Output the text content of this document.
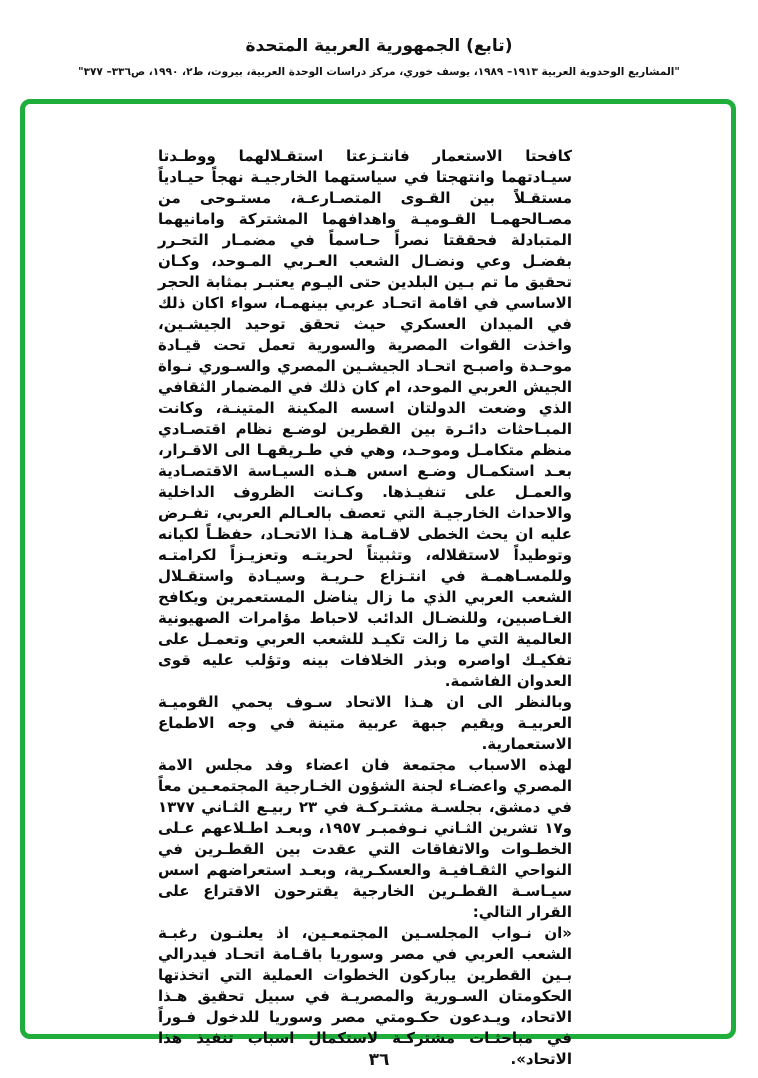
(تابع) الجمهورية العربية المتحدة
"المشاريع الوحدوية العربية ١٩١٣– ١٩٨٩، يوسف خوري، مركز دراسات الوحدة العربية، بيروت، ط٢، ١٩٩٠، ص٣٣٦– ٣٧٧"

كافحتا الاستعمار فانتـزعتا استقـلالهما ووطـدتا سيـادتهما وانتهجتا في سياستهما الخارجيـة نهجاً حيـادياً مستقـلاً بين القـوى المتصـارعـة، مستـوحى من مصـالحهمـا القـوميـة واهدافهما المشتركة وامانيهما المتبادلة فحققتا نصراً حـاسماً في مضمـار التحـرر بفضـل وعي ونضـال الشعب العـربي المـوحد، وكـان تحقيق ما تم بـين البلدين حتى اليـوم يعتبـر بمثابة الحجر الاساسي في اقامة اتحـاد عربي بينهمـا، سواء اكان ذلك في الميدان العسكري حيث تحقق توحيد الجيشـين، واخذت القوات المصرية والسورية تعمل تحت قيـادة موحـدة واصبـح اتحـاد الجيشـين المصري والسـوري نـواة الجيش العربي الموحد، ام كان ذلك في المضمار الثقافي الذي وضعت الدولتان اسسه المكينة المتينـة، وكانت المبـاحثات دائـرة بين القطرين لوضـع نظام اقتصـادي منظم متكامـل وموحـد، وهي في طـريقهـا الى الاقـرار، بعـد استكمـال وضـع اسس هـذه السيـاسة الاقتصـادية والعمـل على تنفيـذها. وكـانت الظروف الداخلية والاحداث الخارجيـة التي تعصف بالعـالم العربي، تفـرض عليه ان يحث الخطى لاقـامة هـذا الاتحـاد، حفظـاً لكيانه وتوطيداً لاستقلاله، وتثبيتاً لحريتـه وتعزيـزاً لكرامتـه وللمسـاهمـة في انتـزاع حـريـة وسيـادة واستقـلال الشعب العربي الذي ما زال يناضل المستعمرين ويكافح الغـاصبين، وللنضـال الدائب لاحباط مؤامرات الصهيونية العالمية التي ما زالت تكيـد للشعب العربي وتعمـل على تفكيـك اواصره وبذر الخلافات بينه وتؤلب عليه قوى العدوان الفاشمة.

وبالنظر الى ان هـذا الاتحاد سـوف يحمي القوميـة العربيـة ويقيم جبهة عربية متينة في وجه الاطماع الاستعمارية.

لهذه الاسباب مجتمعة فان اعضاء وفد مجلس الامة المصري واعضـاء لجنة الشؤون الخـارجية المجتمعـين معاً في دمشق، بجلسـة مشتـركـة في ٢٣ ربيـع الثـاني ١٣٧٧ و١٧ تشرين الثـاني نـوفمبـر ١٩٥٧، وبعـد اطـلاعهم عـلى الخطـوات والاتفاقات التي عقدت بين القطـرين في النواحي الثقـافيـة والعسكـرية، وبعـد استعراضهم اسس سيـاسـة القطـرين الخارجية يقترحون الاقتراع على القرار التالي:

«ان نـواب المجلسـين المجتمعـين، اذ يعلنـون رغبـة الشعب العربي في مصر وسوريا باقـامة اتحـاد فيدرالي بـين القطرين يباركون الخطوات العملية التي اتخذتها الحكومتان السـورية والمصريـة في سبيل تحقيق هـذا الاتحاد، ويـدعون حكـومتي مصر وسوريا للدخول فـوراً في مباحثـات مشتركـة لاستكمال اسباب تنفيذ هذا الاتحاد».

٣٦
